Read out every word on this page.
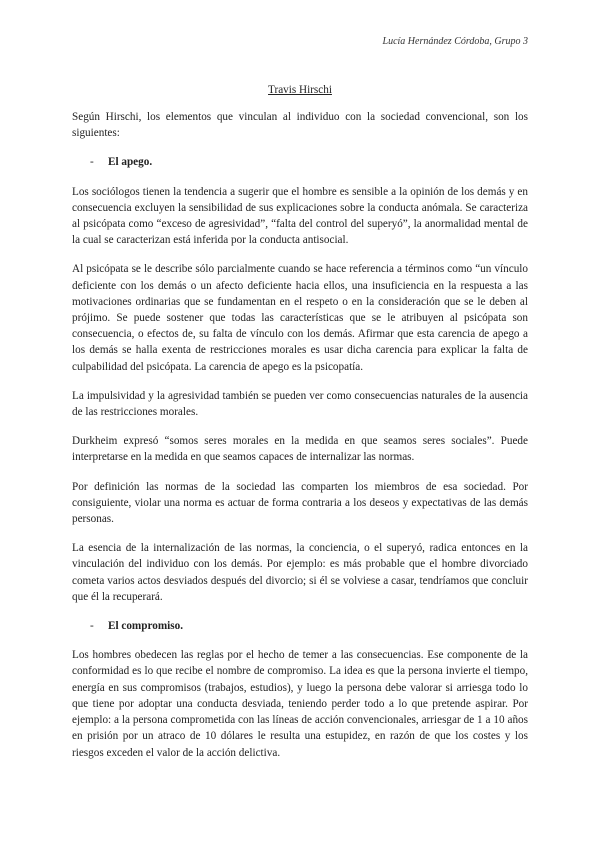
Lucía Hernández Córdoba, Grupo 3
Travis Hirschi

Según Hirschi, los elementos que vinculan al individuo con la sociedad convencional, son los siguientes:

-	El apego.

Los sociólogos tienen la tendencia a sugerir que el hombre es sensible a la opinión de los demás y en consecuencia excluyen la sensibilidad de sus explicaciones sobre la conducta anómala. Se caracteriza al psicópata como “exceso de agresividad”, “falta del control del superyó”, la anormalidad mental de la cual se caracterizan está inferida por la conducta antisocial.

Al psicópata se le describe sólo parcialmente cuando se hace referencia a términos como “un vínculo deficiente con los demás o un afecto deficiente hacia ellos, una insuficiencia en la respuesta a las motivaciones ordinarias que se fundamentan en el respeto o en la consideración que se le deben al prójimo. Se puede sostener que todas las características que se le atribuyen al psicópata son consecuencia, o efectos de, su falta de vínculo con los demás. Afirmar que esta carencia de apego a los demás se halla exenta de restricciones morales es usar dicha carencia para explicar la falta de culpabilidad del psicópata. La carencia de apego es la psicopatía.

La impulsividad y la agresividad también se pueden ver como consecuencias naturales de la ausencia de las restricciones morales.

Durkheim expresó “somos seres morales en la medida en que seamos seres sociales”. Puede interpretarse en la medida en que seamos capaces de internalizar las normas.

Por definición las normas de la sociedad las comparten los miembros de esa sociedad. Por consiguiente, violar una norma es actuar de forma contraria a los deseos y expectativas de las demás personas.

La esencia de la internalización de las normas, la conciencia, o el superyó, radica entonces en la vinculación del individuo con los demás. Por ejemplo: es más probable que el hombre divorciado cometa varios actos desviados después del divorcio; si él se volviese a casar, tendríamos que concluir que él la recuperará.

-	El compromiso.

Los hombres obedecen las reglas por el hecho de temer a las consecuencias. Ese componente de la conformidad es lo que recibe el nombre de compromiso. La idea es que la persona invierte el tiempo, energía en sus compromisos (trabajos, estudios), y luego la persona debe valorar si arriesga todo lo que tiene por adoptar una conducta desviada, teniendo perder todo a lo que pretende aspirar. Por ejemplo: a la persona comprometida con las líneas de acción convencionales, arriesgar de 1 a 10 años en prisión por un atraco de 10 dólares le resulta una estupidez, en razón de que los costes y los riesgos exceden el valor de la acción delictiva.
